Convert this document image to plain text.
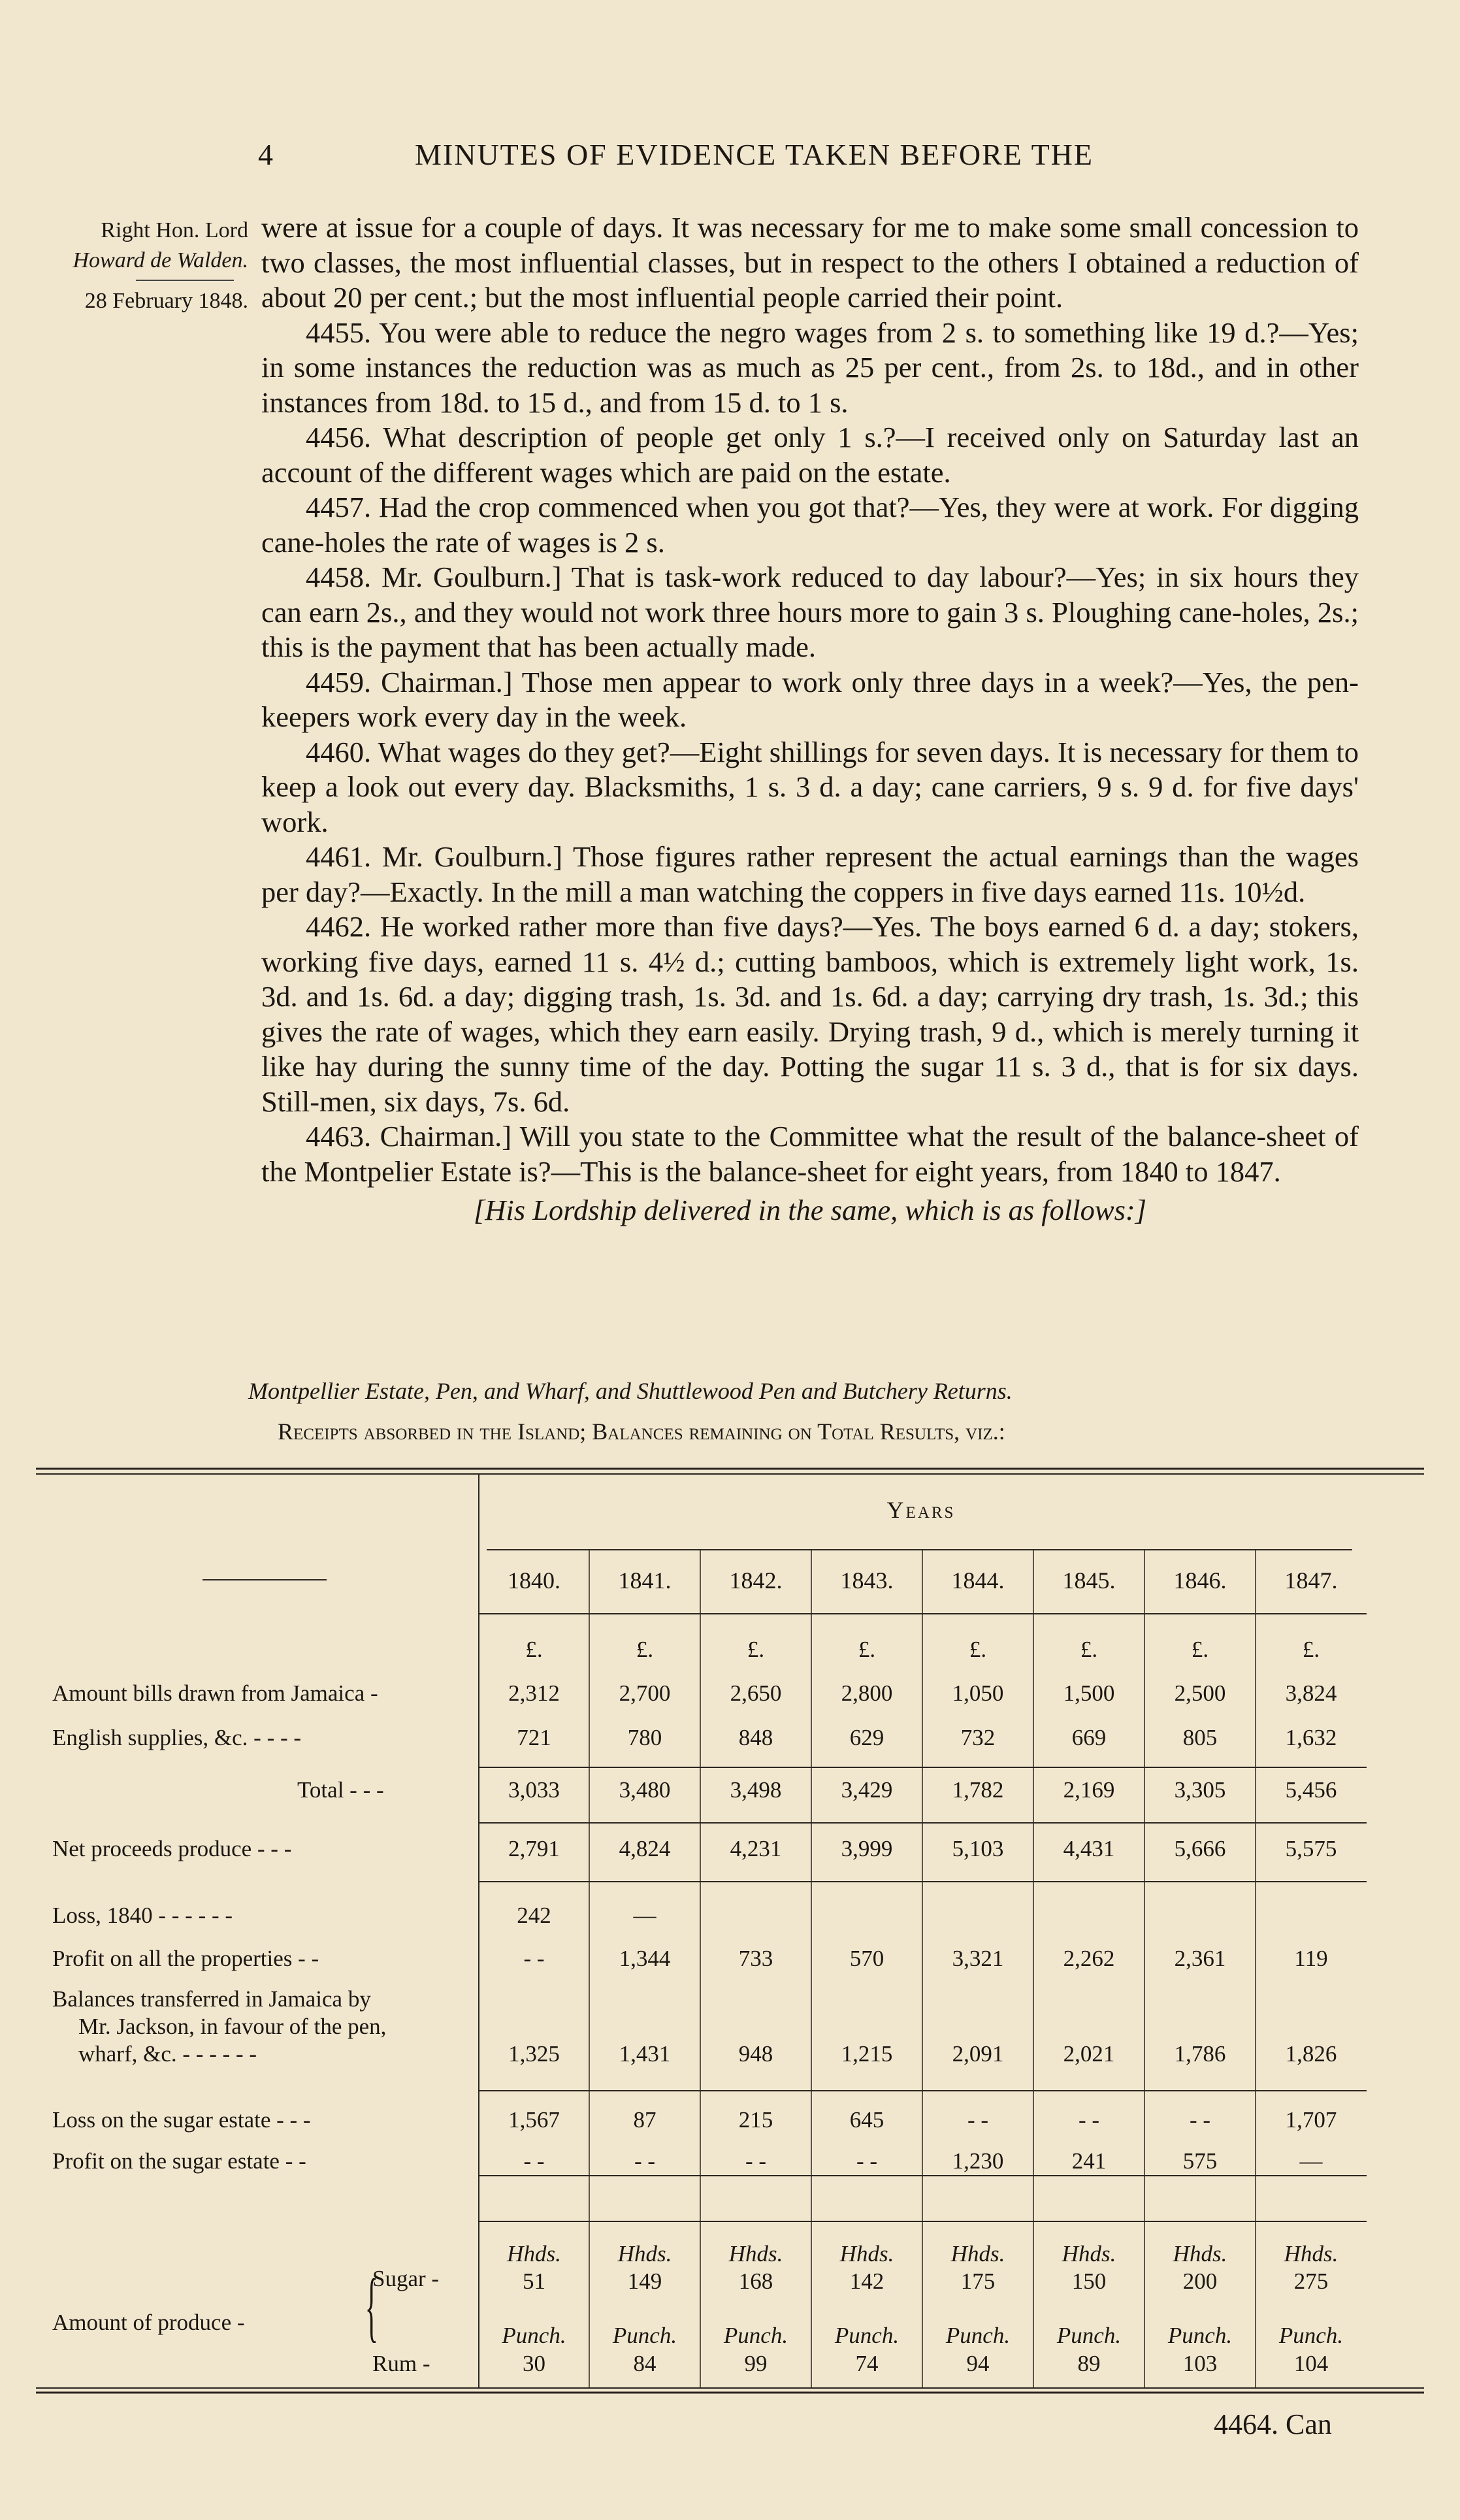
4	MINUTES OF EVIDENCE TAKEN BEFORE THE
Right Hon. Lord
Howard de Walden.
28 February 1848.

were at issue for a couple of days. It was necessary for me to make some small concession to two classes, the most influential classes, but in respect to the others I obtained a reduction of about 20 per cent.; but the most influential people carried their point.

4455. You were able to reduce the negro wages from 2 s. to something like 19 d.?—Yes; in some instances the reduction was as much as 25 per cent., from 2s. to 18d., and in other instances from 18d. to 15 d., and from 15 d. to 1 s.

4456. What description of people get only 1 s.?—I received only on Saturday last an account of the different wages which are paid on the estate.

4457. Had the crop commenced when you got that?—Yes, they were at work. For digging cane-holes the rate of wages is 2 s.

4458. Mr. Goulburn.] That is task-work reduced to day labour?—Yes; in six hours they can earn 2s., and they would not work three hours more to gain 3 s. Ploughing cane-holes, 2s.; this is the payment that has been actually made.

4459. Chairman.] Those men appear to work only three days in a week?—Yes, the pen-keepers work every day in the week.

4460. What wages do they get?—Eight shillings for seven days. It is necessary for them to keep a look out every day. Blacksmiths, 1 s. 3 d. a day; cane carriers, 9 s. 9 d. for five days' work.

4461. Mr. Goulburn.] Those figures rather represent the actual earnings than the wages per day?—Exactly. In the mill a man watching the coppers in five days earned 11s. 10½d.

4462. He worked rather more than five days?—Yes. The boys earned 6 d. a day; stokers, working five days, earned 11 s. 4½ d.; cutting bamboos, which is extremely light work, 1s. 3d. and 1s. 6d. a day; digging trash, 1s. 3d. and 1s. 6d. a day; carrying dry trash, 1s. 3d.; this gives the rate of wages, which they earn easily. Drying trash, 9 d., which is merely turning it like hay during the sunny time of the day. Potting the sugar 11 s. 3 d., that is for six days. Still-men, six days, 7s. 6d.

4463. Chairman.] Will you state to the Committee what the result of the balance-sheet of the Montpelier Estate is?—This is the balance-sheet for eight years, from 1840 to 1847.

[His Lordship delivered in the same, which is as follows:]

Montpellier Estate, Pen, and Wharf, and Shuttlewood Pen and Butchery Returns.
Receipts absorbed in the Island; Balances remaining on Total Results, viz.:
Years
Amount bills drawn from Jamaica -
English supplies, &c. - - - -
Total - - -
Net proceeds produce - - -
Loss, 1840 - - - - - -
Profit on all the properties - -
Balances transferred in Jamaica by
Mr. Jackson, in favour of the pen,
wharf, &c. - - - - - -
Loss on the sugar estate - - -
Profit on the sugar estate - -
Amount of produce -
Sugar -
Rum -
{
1840.
£.
2,312
721
3,033
2,791
242
- -
1,325
1,567
- -
Hhds.
51
Punch.
30
1841.
£.
2,700
780
3,480
4,824
—
1,344
1,431
87
- -
Hhds.
149
Punch.
84
1842.
£.
2,650
848
3,498
4,231
733
948
215
- -
Hhds.
168
Punch.
99
1843.
£.
2,800
629
3,429
3,999
570
1,215
645
- -
Hhds.
142
Punch.
74
1844.
£.
1,050
732
1,782
5,103
3,321
2,091
- -
1,230
Hhds.
175
Punch.
94
1845.
£.
1,500
669
2,169
4,431
2,262
2,021
- -
241
Hhds.
150
Punch.
89
1846.
£.
2,500
805
3,305
5,666
2,361
1,786
- -
575
Hhds.
200
Punch.
103
1847.
£.
3,824
1,632
5,456
5,575
119
1,826
1,707
—
Hhds.
275
Punch.
104
4464. Can
